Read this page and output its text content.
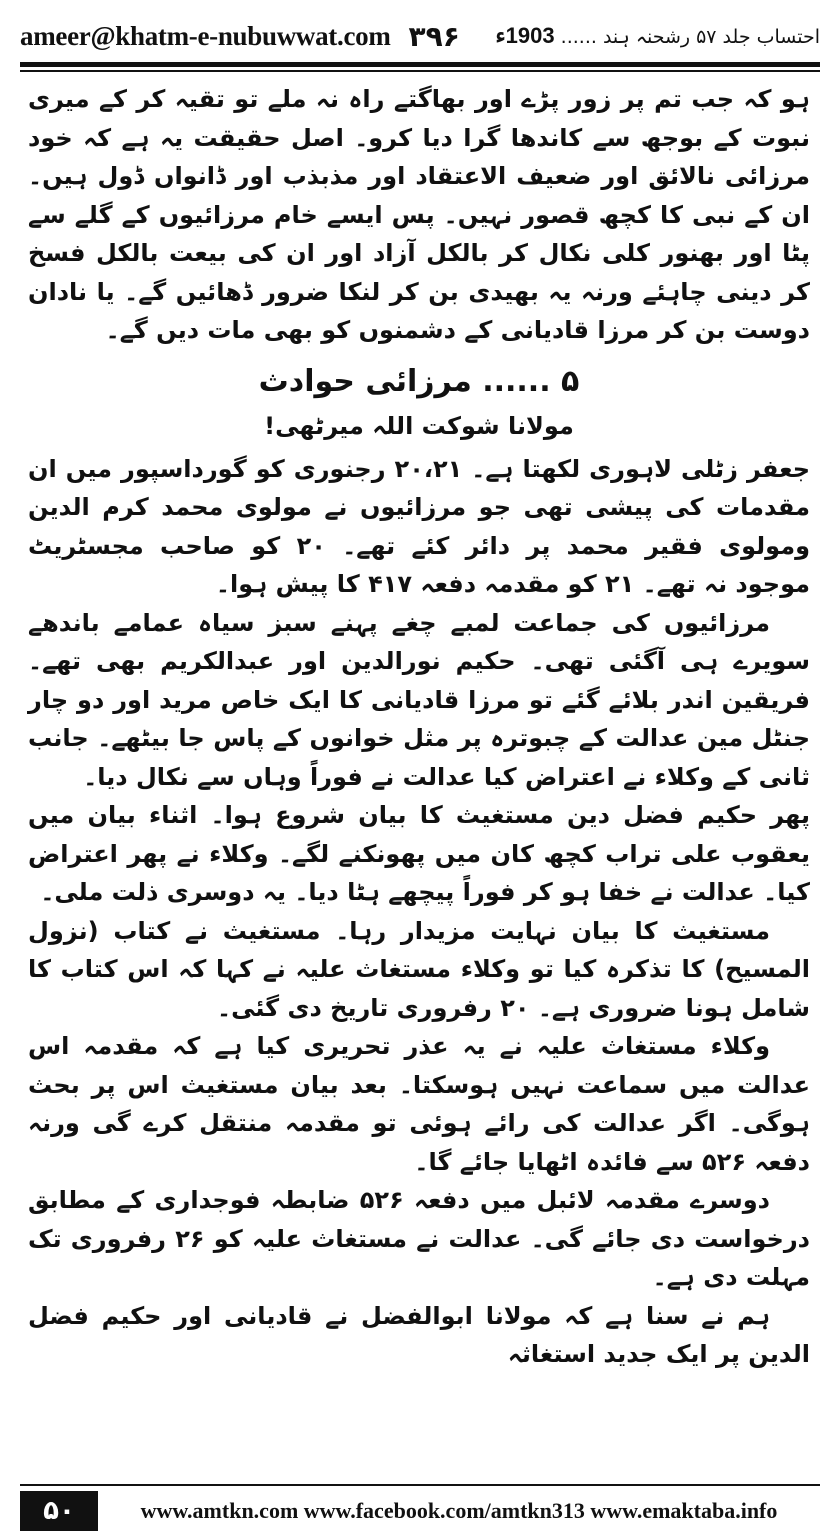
ameer@khatm-e-nubuwwat.com ۳۹۶	احتساب جلد ۵۷ رشحنہ ہند ...... 1903ء

ہو کہ جب تم پر زور پڑے اور بھاگتے راہ نہ ملے تو تقیہ کر کے میری نبوت کے بوجھ سے کاندھا گرا دیا کرو۔ اصل حقیقت یہ ہے کہ خود مرزائی نالائق اور ضعیف الاعتقاد اور مذبذب اور ڈانواں ڈول ہیں۔ ان کے نبی کا کچھ قصور نہیں۔ پس ایسے خام مرزائیوں کے گلے سے پٹا اور بھنور کلی نکال کر بالکل آزاد اور ان کی بیعت بالکل فسخ کر دینی چاہئے ورنہ یہ بھیدی بن کر لنکا ضرور ڈھائیں گے۔ یا نادان دوست بن کر مرزا قادیانی کے دشمنوں کو بھی مات دیں گے۔

۵ ...... مرزائی حوادث
مولانا شوکت اللہ میرٹھی!

جعفر زٹلی لاہوری لکھتا ہے۔ ۲۰،۲۱ رجنوری کو گورداسپور میں ان مقدمات کی پیشی تھی جو مرزائیوں نے مولوی محمد کرم الدین ومولوی فقیر محمد پر دائر کئے تھے۔ ۲۰ کو صاحب مجسٹریٹ موجود نہ تھے۔ ۲۱ کو مقدمہ دفعہ ۴۱۷ کا پیش ہوا۔

مرزائیوں کی جماعت لمبے چغے پہنے سبز سیاہ عمامے باندھے سویرے ہی آگئی تھی۔ حکیم نورالدین اور عبدالکریم بھی تھے۔ فریقین اندر بلائے گئے تو مرزا قادیانی کا ایک خاص مرید اور دو چار جنٹل مین عدالت کے چبوترہ پر مثل خوانوں کے پاس جا بیٹھے۔ جانب ثانی کے وکلاء نے اعتراض کیا عدالت نے فوراً وہاں سے نکال دیا۔

پھر حکیم فضل دین مستغیث کا بیان شروع ہوا۔ اثناء بیان میں یعقوب علی تراب کچھ کان میں پھونکنے لگے۔ وکلاء نے پھر اعتراض کیا۔ عدالت نے خفا ہو کر فوراً پیچھے ہٹا دیا۔ یہ دوسری ذلت ملی۔

مستغیث کا بیان نہایت مزیدار رہا۔ مستغیث نے کتاب (نزول المسیح) کا تذکرہ کیا تو وکلاء مستغاث علیہ نے کہا کہ اس کتاب کا شامل ہونا ضروری ہے۔ ۲۰ رفروری تاریخ دی گئی۔

وکلاء مستغاث علیہ نے یہ عذر تحریری کیا ہے کہ مقدمہ اس عدالت میں سماعت نہیں ہوسکتا۔ بعد بیان مستغیث اس پر بحث ہوگی۔ اگر عدالت کی رائے ہوئی تو مقدمہ منتقل کرے گی ورنہ دفعہ ۵۲۶ سے فائدہ اٹھایا جائے گا۔

دوسرے مقدمہ لائبل میں دفعہ ۵۲۶ ضابطہ فوجداری کے مطابق درخواست دی جائے گی۔ عدالت نے مستغاث علیہ کو ۲۶ رفروری تک مہلت دی ہے۔

ہم نے سنا ہے کہ مولانا ابوالفضل نے قادیانی اور حکیم فضل الدین پر ایک جدید استغاثہ

۵۰	www.amtkn.com www.facebook.com/amtkn313 www.emaktaba.info
